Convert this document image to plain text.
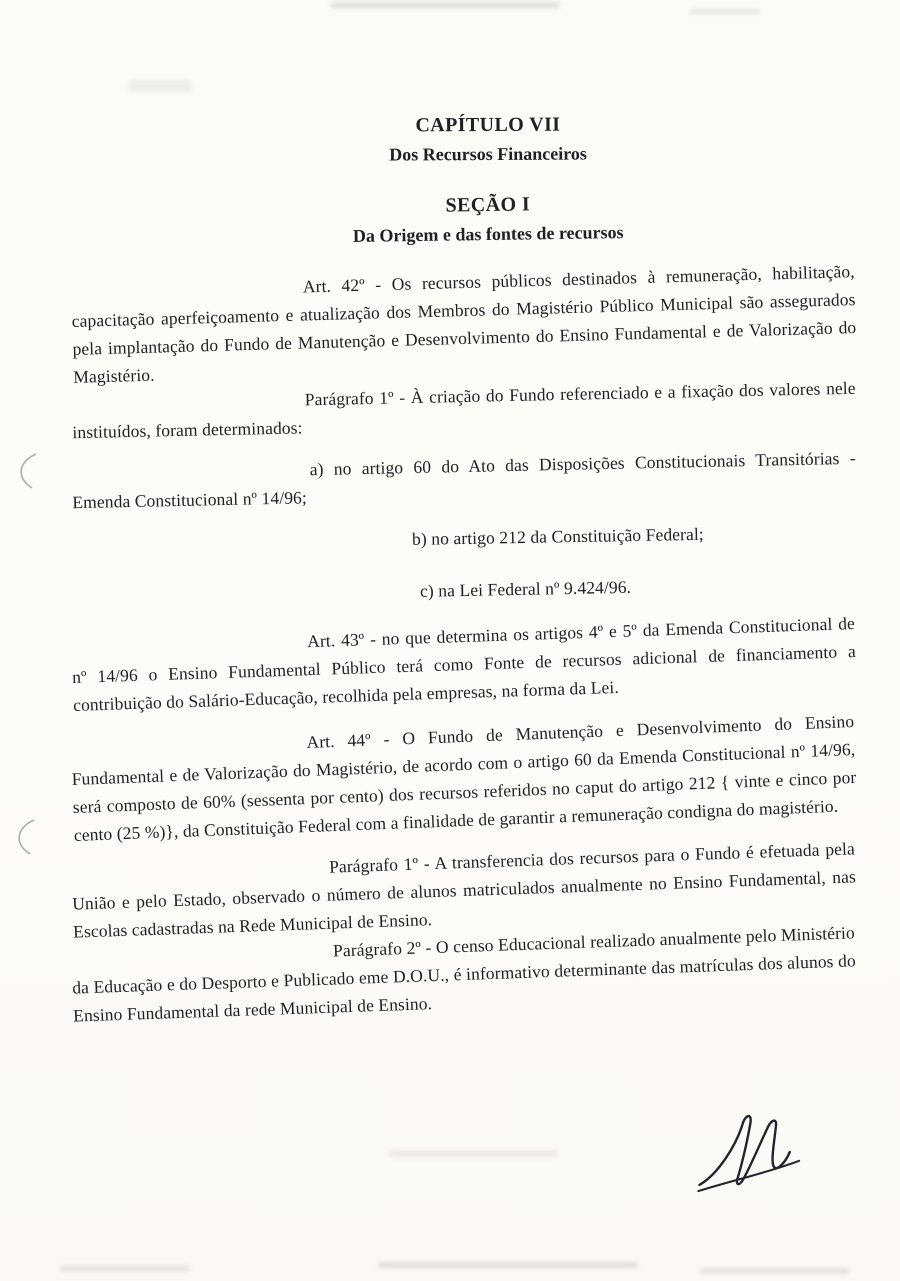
CAPÍTULO VII
Dos Recursos Financeiros
SEÇÃO I
Da Origem e das fontes de recursos

Art. 42º - Os recursos públicos destinados à remuneração, habilitação, capacitação aperfeiçoamento e atualização dos Membros do Magistério Público Municipal são assegurados pela implantação do Fundo de Manutenção e Desenvolvimento do Ensino Fundamental e de Valorização do Magistério.

Parágrafo 1º - À criação do Fundo referenciado e a fixação dos valores nele instituídos, foram determinados:

a) no artigo 60 do Ato das Disposições Constitucionais Transitórias - Emenda Constitucional nº 14/96;

b) no artigo 212 da Constituição Federal;

c) na Lei Federal nº 9.424/96.

Art. 43º - no que determina os artigos 4º e 5º da Emenda Constitucional de nº 14/96 o Ensino Fundamental Público terá como Fonte de recursos adicional de financiamento a contribuição do Salário-Educação, recolhida pela empresas, na forma da Lei.

Art. 44º - O Fundo de Manutenção e Desenvolvimento do Ensino Fundamental e de Valorização do Magistério, de acordo com o artigo 60 da Emenda Constitucional nº 14/96, será composto de 60% (sessenta por cento) dos recursos referidos no caput do artigo 212 { vinte e cinco por cento (25 %)}, da Constituição Federal com a finalidade de garantir a remuneração condigna do magistério.

Parágrafo 1º - A transferencia dos recursos para o Fundo é efetuada pela União e pelo Estado, observado o número de alunos matriculados anualmente no Ensino Fundamental, nas Escolas cadastradas na Rede Municipal de Ensino.

Parágrafo 2º - O censo Educacional realizado anualmente pelo Ministério da Educação e do Desporto e Publicado eme D.O.U., é informativo determinante das matrículas dos alunos do Ensino Fundamental da rede Municipal de Ensino.
